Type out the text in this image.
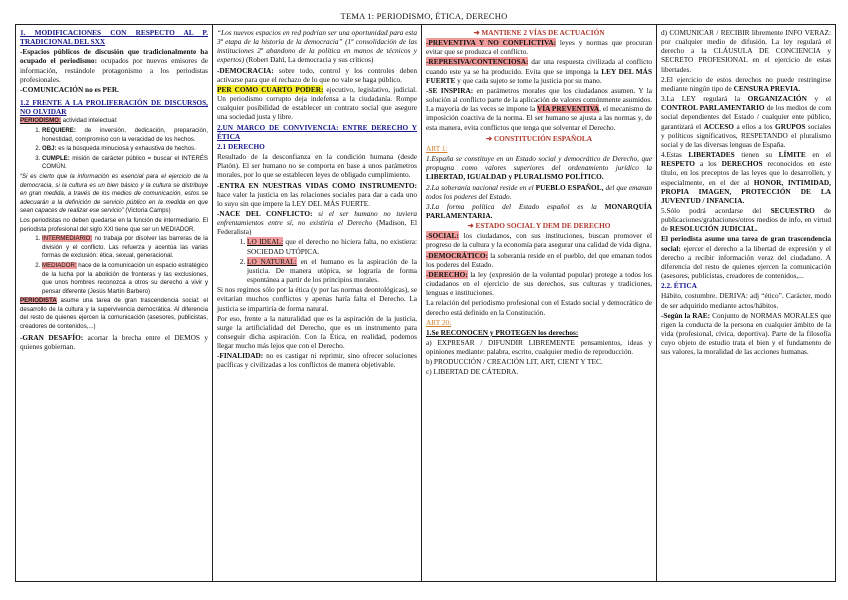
TEMA 1: PERIODISMO, ÉTICA, DERECHO
1. MODIFICACIONES CON RESPECTO AL P. TRADICIONAL DEL SXX
-Espacios públicos de discusión que tradicionalmente ha ocupado el periodismo: ocupados por nuevos emisores de información, restándole protagonismo a los periodistas profesionales.
-COMUNICACIÓN no es PER.
1.2 FRENTE A LA PROLIFERACIÓN DE DISCURSOS, NO OLVIDAR
PERIODISMO: actividad intelectual:
1. REQUIERE: de inversión, dedicación, preparación, honestidad, compromiso con la veracidad de los hechos.
2. OBJ: es la búsqueda minuciosa y exhaustiva de hechos.
3. CUMPLE: misión de carácter público = buscar el INTERÉS COMÚN.
“Si es cierto que la información es esencial para el ejercicio de la democracia, si la cultura es un bien básico y la cultura se distribuye en gran medida, a través de los medios de comunicación, estos se adecuarán a la definición de servicio público en la medida en que sean capaces de realizar ese servicio” (Victoria Camps)
Los periodistas no deben quedarse en la función de intermediario. El periodista profesional del siglo XXI tiene que ser un MEDIADOR.
1. INTERMEDIARIO: no trabaja por disolver las barreras de la división y el conflicto. Las refuerza y acentúa las varias formas de exclusión: ética, sexual, generacional.
2. MEDIADOR: hace de la comunicación un espacio estratégico de la lucha por la abolición de fronteras y las exclusiones, que unos hombres reconozca a otros su derecho a vivir y pensar diferente (Jesús Martín Barbero)
PERIODISTA asume una tarea de gran trascendencia social: el desarrollo de la cultura y la supervivencia democrática. Al diferencia del resto de quienes ejercen la comunicación (asesores, publicistas, creadores de contenidos,...)
-GRAN DESAFÍO: acortar la brecha entre el DEMOS y quienes gobiernan.
“Los nuevos espacios en red podrían ser una oportunidad para esta 3ª etapa de la historia de la democracia” (1ª consolidación de las instituciones 2ª abandono de la política en manos de técnicos y expertos) (Robert Dahl, La democracia y sus críticos)
-DEMOCRACIA: sobre todo, control y los controles deben activarse para que el rechazo de lo que no vale se haga público.
PER COMO CUARTO PODER: ejecutivo, legislativo, judicial. Un periodismo corrupto deja indefensa a la ciudadanía. Rompe cualquier posibilidad de establecer un contrato social que asegure una sociedad justa y libre.
2.UN MARCO DE CONVIVENCIA: ENTRE DERECHO Y ÉTICA
2.1 DERECHO
Resultado de la desconfianza en la condición humana (desde Platón). El ser humano no se comporta en base a unos parámetros morales, por lo que se establecen leyes de obligado cumplimiento.
-ENTRA EN NUESTRAS VIDAS COMO INSTRUMENTO: hace valer la justicia en las relaciones sociales para dar a cada uno lo suyo sin que impere la LEY DEL MÁS FUERTE.
-NACE DEL CONFLICTO: si el ser humano no tuviera enfrentamientos entre sí, no existiría el Derecho (Madison, El Federalista)
1. LO IDEAL: que el derecho no hiciera falta, no existiera: SOCIEDAD UTÓPICA.
2. LO NATURAL: en el humano es la aspiración de la justicia. De manera utópica, se lograría de forma espontánea a partir de los principios morales.
Si nos regimos sólo por la ética (y por las normas deontológicas), se evitarían muchos conflictos y apenas haría falta el Derecho. La justicia se impartiría de forma natural.
Por eso, frente a la naturalidad que es la aspiración de la justicia, surge la artificialidad del Derecho, que es un instrumento para conseguir dicha aspiración. Con la Ética, en realidad, podemos llegar mucho más lejos que con el Derecho.
-FINALIDAD: no es castigar ni reprimir, sino ofrecer soluciones pacíficas y civilizadas a los conflictos de manera objetivable.
➜ MANTIENE 2 VÍAS DE ACTUACIÓN
-PREVENTIVA Y NO CONFLICTIVA: leyes y normas que procuran evitar que se produzca el conflicto.
-REPRESIVA/CONTENCIOSA: dar una respuesta civilizada al conflicto cuando este ya se ha producido. Evita que se imponga la LEY DEL MÁS FUERTE y que cada sujeto se tome la justicia por su mano.
-SE INSPIRA: en parámetros morales que los ciudadanos asumen. Y la solución al conflicto parte de la aplicación de valores comúnmente asumidos. La mayoría de las veces se impone la VÍA PREVENTIVA, el mecanismo de imposición coactiva de la norma. El ser humano se ajusta a las normas y, de esta manera, evita conflictos que tenga que solventar el Derecho.
➜ CONSTITUCIÓN ESPAÑOLA
ART 1:
1.España se constituye en un Estado social y democrático de Derecho, que propugna como valores superiores del ordenamiento jurídico la LIBERTAD, IGUALDAD y PLURALISMO POLÍTICO.
2.La soberanía nacional reside en el PUEBLO ESPAÑOL, del que emanan todos los poderes del Estado.
3.La forma política del Estado español es la MONARQUÍA PARLAMENTARIA.
➜ ESTADO SOCIAL Y DEM DE DERECHO
-SOCIAL: los ciudadanos, con sus instituciones, buscan promover el progreso de la cultura y la economía para asegurar una calidad de vida digna.
-DEMOCRÁTICO: la soberanía reside en el pueblo, del que emanan todos los poderes del Estado.
-DERECHO: la ley (expresión de la voluntad popular) protege a todos los ciudadanos en el ejercicio de sus derechos, sus culturas y tradiciones, lenguas e instituciones.
La relación del periodismo profesional con el Estado social y democrático de derecho está definido en la Constitución.
ART 20:
1.Se RECONOCEN y PROTEGEN los derechos:
a) EXPRESAR / DIFUNDIR LIBREMENTE pensamientos, ideas y opiniones mediante: palabra, escrito, cualquier medio de reproducción.
b) PRODUCCIÓN / CREACIÓN LIT, ART, CIENT Y TEC.
c) LIBERTAD DE CÁTEDRA.
d) COMUNICAR / RECIBIR libremente INFO VERAZ: por cualquier medio de difusión. La ley regulará el derecho a la CLÁUSULA DE CONCIENCIA y SECRETO PROFESIONAL en el ejercicio de estas libertades.
2.El ejercicio de estos derechos no puede restringirse mediante ningún tipo de CENSURA PREVIA.
3.La LEY regulará la ORGANIZACIÓN y el CONTROL PARLAMENTARIO de los medios de com social dependientes del Estado / cualquier ente público, garantizará el ACCESO a ellos a los GRUPOS sociales y políticos significativos, RESPETANDO el pluralismo social y de las diversas lenguas de España.
4.Estas LIBERTADES tienen su LÍMITE en el RESPETO a los DERECHOS reconocidos en este título, en los preceptos de las leyes que lo desarrollen, y especialmente, en el der al HONOR, INTIMIDAD, PROPIA IMAGEN, PROTECCIÓN DE LA JUVENTUD / INFANCIA.
5.Sólo podrá acordarse del SECUESTRO de publicaciones/grabaciones/otros medios de info, en virtud de RESOLUCIÓN JUDICIAL.
El periodista asume una tarea de gran trascendencia social: ejercer el derecho a la libertad de expresión y el derecho a recibir información veraz del ciudadano. A diferencia del resto de quienes ejercen la comunicación (asesores, publicistas, creadores de contenidos,...
2.2. ÉTICA
Hábito, costumbre. DERIVA: adj “ético”. Carácter, modo de ser adquirido mediante actos/hábitos.
-Según la RAE: Conjunto de NORMAS MORALES que rigen la conducta de la persona en cualquier ámbito de la vida (profesional, cívica, deportiva). Parte de la filosofía cuyo objeto de estudio trata el bien y el fundamento de sus valores, la moralidad de las acciones humanas.
